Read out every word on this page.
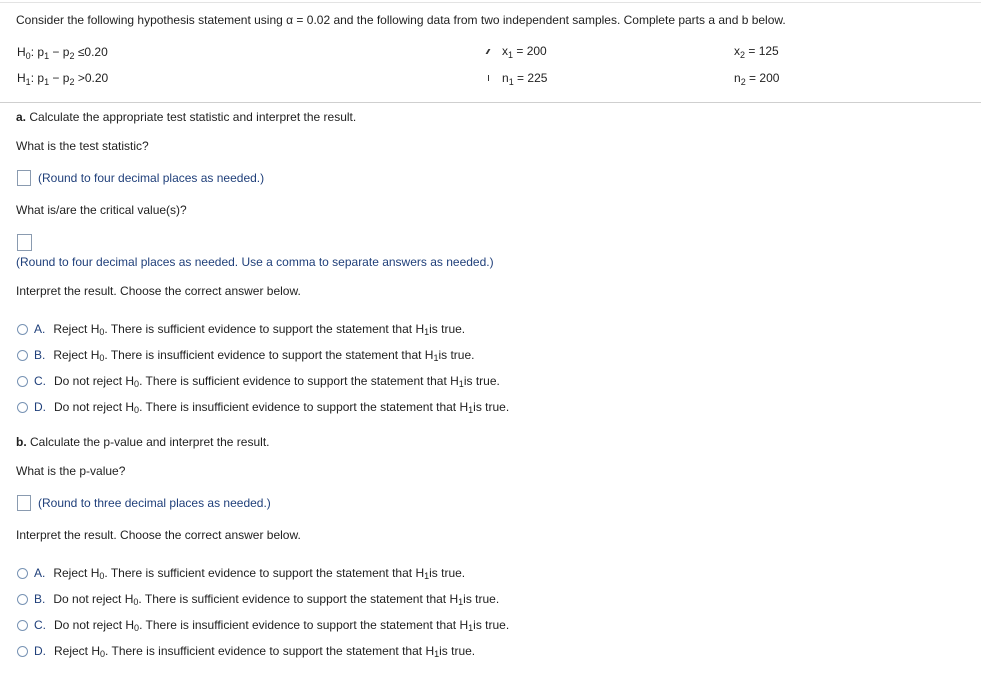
Consider the following hypothesis statement using α = 0.02 and the following data from two independent samples. Complete parts a and b below.
$H_0$: $p_1 - p_2 \le 0.20$
$H_1$: $p_1 - p_2 >0.20$
$x_1 = 200$
$n_1 = 225$
$x_2 = 125$
$n_2 = 200$
a. Calculate the appropriate test statistic and interpret the result.
What is the test statistic?
(Round to four decimal places as needed.)
What is/are the critical value(s)?
(Round to four decimal places as needed. Use a comma to separate answers as needed.)
Interpret the result. Choose the correct answer below.
A. Reject H 0 . There is sufficient evidence to support the statement that H 1 is true.
B. Reject H 0 . There is insufficient evidence to support the statement that H 1 is true.
C. Do not reject H 0 . There is sufficient evidence to support the statement that H 1 is true.
D. Do not reject H 0 . There is insufficient evidence to support the statement that H 1 is true.
b. Calculate the p-value and interpret the result.
What is the p-value?
(Round to three decimal places as needed.)
Interpret the result. Choose the correct answer below.
A. Reject H 0 . There is sufficient evidence to support the statement that H 1 is true.
B. Do not reject H 0 . There is sufficient evidence to support the statement that H 1 is true.
C. Do not reject H 0 . There is insufficient evidence to support the statement that H 1 is true.
D. Reject H 0 . There is insufficient evidence to support the statement that H 1 is true.
